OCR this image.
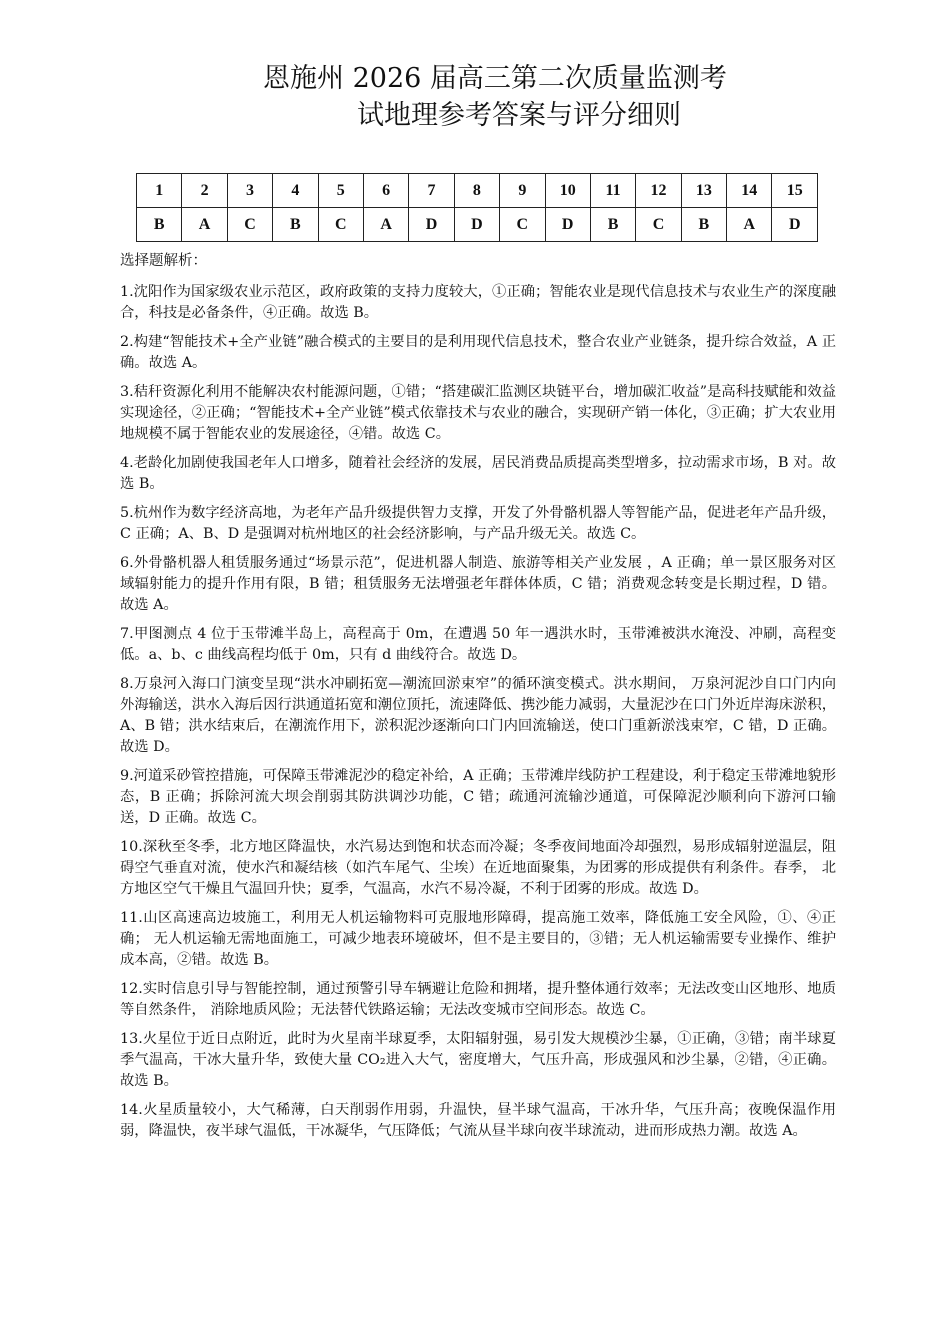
恩施州 2026 届高三第二次质量监测考
试地理参考答案与评分细则
1	2	3	4	5	6	7	8	9	10	11	12	13	14	15
B	A	C	B	C	A	D	D	C	D	B	C	B	A	D
选择题解析：

1.沈阳作为国家级农业示范区，政府政策的支持力度较大，①正确；智能农业是现代信息技术与农业生产的深度融合，科技是必备条件，④正确。故选 B。

2.构建“智能技术+全产业链”融合模式的主要目的是利用现代信息技术，整合农业产业链条，提升综合效益，A 正确。故选 A。

3.秸秆资源化利用不能解决农村能源问题，①错；“搭建碳汇监测区块链平台，增加碳汇收益”是高科技赋能和效益实现途径，②正确；“智能技术+全产业链”模式依靠技术与农业的融合，实现研产销一体化，③正确；扩大农业用地规模不属于智能农业的发展途径，④错。故选 C。

4.老龄化加剧使我国老年人口增多，随着社会经济的发展，居民消费品质提高类型增多，拉动需求市场，B 对。故选 B。

5.杭州作为数字经济高地，为老年产品升级提供智力支撑，开发了外骨骼机器人等智能产品，促进老年产品升级，C 正确；A、B、D 是强调对杭州地区的社会经济影响，与产品升级无关。故选 C。

6.外骨骼机器人租赁服务通过“场景示范”，促进机器人制造、旅游等相关产业发展 ，A 正确；单一景区服务对区域辐射能力的提升作用有限，B 错；租赁服务无法增强老年群体体质，C 错；消费观念转变是长期过程，D 错。故选 A。

7.甲图测点 4 位于玉带滩半岛上，高程高于 0m，在遭遇 50 年一遇洪水时，玉带滩被洪水淹没、冲刷，高程变低。a、b、c 曲线高程均低于 0m，只有 d 曲线符合。故选 D。

8.万泉河入海口门演变呈现“洪水冲刷拓宽—潮流回淤束窄”的循环演变模式。洪水期间， 万泉河泥沙自口门内向外海输送，洪水入海后因行洪通道拓宽和潮位顶托，流速降低、携沙能力减弱，大量泥沙在口门外近岸海床淤积，A、B 错；洪水结束后，在潮流作用下，淤积泥沙逐渐向口门内回流输送，使口门重新淤浅束窄，C 错，D 正确。故选 D。

9.河道采砂管控措施，可保障玉带滩泥沙的稳定补给，A 正确；玉带滩岸线防护工程建设，利于稳定玉带滩地貌形态，B 正确；拆除河流大坝会削弱其防洪调沙功能，C 错；疏通河流输沙通道，可保障泥沙顺利向下游河口输送，D 正确。故选 C。

10.深秋至冬季，北方地区降温快，水汽易达到饱和状态而冷凝；冬季夜间地面冷却强烈，易形成辐射逆温层，阻碍空气垂直对流，使水汽和凝结核（如汽车尾气、尘埃）在近地面聚集，为团雾的形成提供有利条件。春季， 北方地区空气干燥且气温回升快；夏季，气温高，水汽不易冷凝，不利于团雾的形成。故选 D。

11.山区高速高边坡施工，利用无人机运输物料可克服地形障碍，提高施工效率，降低施工安全风险，①、④正确； 无人机运输无需地面施工，可减少地表环境破坏，但不是主要目的，③错；无人机运输需要专业操作、维护成本高，②错。故选 B。

12.实时信息引导与智能控制，通过预警引导车辆避让危险和拥堵，提升整体通行效率；无法改变山区地形、地质等自然条件， 消除地质风险；无法替代铁路运输；无法改变城市空间形态。故选 C。

13.火星位于近日点附近，此时为火星南半球夏季，太阳辐射强，易引发大规模沙尘暴，①正确，③错；南半球夏季气温高，干冰大量升华，致使大量 CO₂进入大气，密度增大，气压升高，形成强风和沙尘暴，②错，④正确。故选 B。

14.火星质量较小，大气稀薄，白天削弱作用弱，升温快，昼半球气温高，干冰升华，气压升高；夜晚保温作用弱，降温快，夜半球气温低，干冰凝华，气压降低；气流从昼半球向夜半球流动，进而形成热力潮。故选 A。
